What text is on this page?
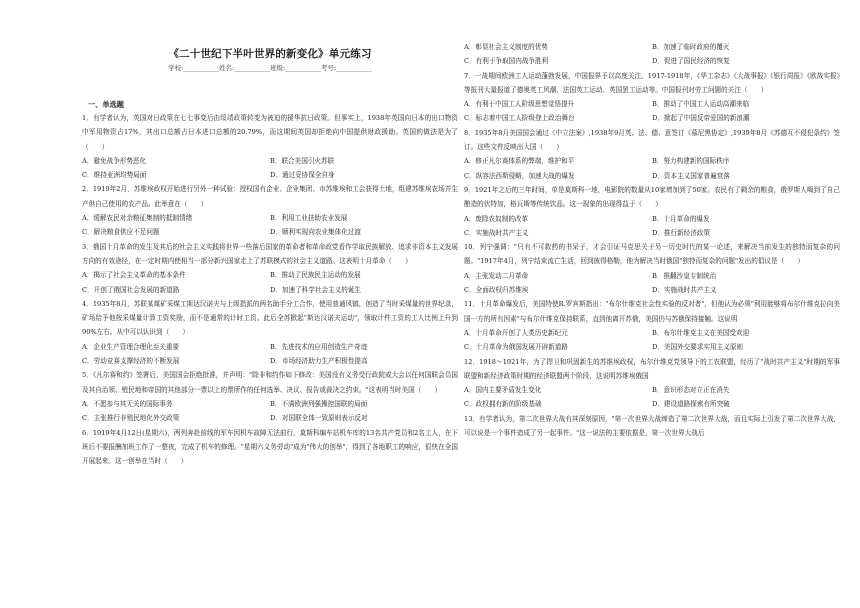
《二十世纪下半叶世界的新变化》单元练习
学校:___________姓名:___________班级:___________考号:___________
一、单选题

1．有学者认为，英国对日政策在七七事变后由绥靖政策转变为被迫的援华抗日政策。但事实上，1938年英国向日本的出口物资中军用物资占17%，其出口总额占日本进口总额的20.79%，而这期间英国却拒绝向中国提供财政援助。英国的做法是为了（　　）

A．避免战争形势恶化	B．联合美国引火苏联
C．维持亚洲均势局面	D．通过妥协保全自身

2．1919年2月，苏维埃政权开始进行另外一种试验：授权国有企业、企业集团、市苏维埃和工会获得土地，组建苏维埃农场并生产供自己使用的农产品。此举意在（　　）

A．缓解农民对余粮征集制的抵制情绪	B．利用工业扶助农业发展
C．解决粮食供应不足问题	D．顺利实现向农业集体化过渡

3．俄国十月革命的发生及其后的社会主义实践将世界一些落后国家的革命者和革命政党看作学取民族解放、追求非资本主义发展方向的有效途径，在一定时期内使相当一部分新兴国家走上了苏联模式的社会主义道路。这表明十月革命（　　）

A．揭示了社会主义革命的基本条件	B．推动了民族民主运动的发展
C．开创了俄国社会发展的新道路	D．加速了科学社会主义的诞生

4．1935年8月，苏联某煤矿采煤工斯达汉诺夫与上级指派的两名助手分工合作，使用普通风镐，创造了当时采煤量的世界纪录，矿场给予他按采煤量计算工资奖励，而不是通常的计时工资。此后全苏掀起"斯达汉诺夫运动"，领取计件工资的工人比例上升到90%左右。从中可以认识到（　　）

A．企业生产管理合理化至关重要	B．先进技术的应用创造生产奇迹
C．劳动竞赛支撑经济的不断发展	D．市场经济助力生产积极性提高

5．《凡尔赛和约》签署后，美国国会拒绝批准，并声明："除非和约作如下修改：美国没有义务受行政院或大会以任何国联会员国及其自治领、殖民地和帝国的其他部分一票以上的票所作的任何选举、决议、报告或裁决之约束。"这表明当时美国（　　）

A．不愿参与其无关的国际事务	B．不满欧洲列强操控国联的局面
C．主张推行非殖民地化外交政策	D．对国联全体一致原则表示反对

6．1919年4月12日(星期六)，两列奔赴前线的军车因机车故障无法前行，莫斯科编车站机车库的13名共产党员和2名工人，在下班后不要报酬加班工作了一整夜，完成了机车的修理。"星期六义务劳动"成为"伟大的创举"，得到了各地职工的响应，很快在全国开展起来。这一创举在当时（　　）

A．彰显社会主义制度的优势	B．加速了临时政府的覆灭
C．有利于争取国内战争胜利	D．促进了国民经济的恢复

7．一战期间欧洲工人运动蓬勃发展，中国报界予以高度关注。1917-1918年，《华工杂志》《大战事报》《银行周报》《欧战实报》等报刊大量报道了德奥英工风潮、法国英工运动、英国罢工运动等。中国报刊对劳工问题的关注（　　）

A．有利于中国工人阶级思想觉悟提升	B．推动了中国工人运动高潮来临
C．标志着中国工人阶级登上政治舞台	D．掀起了中国反帝爱国的新浪潮

8．1935年8月美国国会通过《中立法案》,1938年9月英、法、德、意签订《慕尼黑协定》,1939年8月《苏德互不侵犯条约》签订。这些文件反映出大国（　　）

A．修正凡尔赛体系的弊端，维护和平	B．努力构建新的国际秩序
C．纵容法西斯侵略，加速大战的爆发	D．资本主义国家普遍衰落

9．1921年之后的三年时间，单是莫斯科一地，电影院的数量从10家增加到了50家。农民有了剩余的粮食，俄罗斯人喝到了自己酿造的伏特加，格瓦斯等传统饮品。这一现象的出现得益于（　　）

A．废除农奴制的改革	B．十月革命的爆发
C．实施战时共产主义	D．推行新经济政策

10．列宁强调："只有不可救药的书呆子，才会引证马克思关于另一历史时代的某一论述，来解决当前发生的独特而复杂的问题。"1917年4月，列宁结束流亡生活，回到彼得格勒，他为解决当时俄国"独特而复杂的问题"发出的倡议是（　　）

A．主张发动二月革命	B．推翻沙皇专制统治
C．全面政权归苏维埃	D．实施战时共产主义

11．十月革命爆发后，美国特使R.罗宾斯指出："布尔什维克社会性实验的反对者"，但他认为必须"利用能够将布尔什维克拉向美国一方的所有因素"与布尔什维克保持联系，直到他离开苏俄，美国仍与苏俄保持接触。这说明

A．十月革命开创了人类历史新纪元	B．布尔什维克主义在美国受欢迎
C．十月革命为俄国发展开辟新道路	D．美国外交要求实用主义原则

12．1918～1921年，为了捍卫和巩固新生的苏维埃政权，布尔什维克党领导下的工农联盟，经历了"战时共产主义"时期的军事联盟和新经济政策时期的经济联盟两个阶段，这说明苏维埃俄国

A．国内主要矛盾发生变化	B．意识形态对立正在消失
C．政权拥有新的阶级基础	D．建设道路探索有所突破

13．有学者认为，第二次世界大战有其深刻原因，"第一次世界大战缔造了第二次世界大战，而且实际上引发了第二次世界大战，可以说是一个事件造成了另一起事件。"这一说法的主要依据是，第一次世界大战后
